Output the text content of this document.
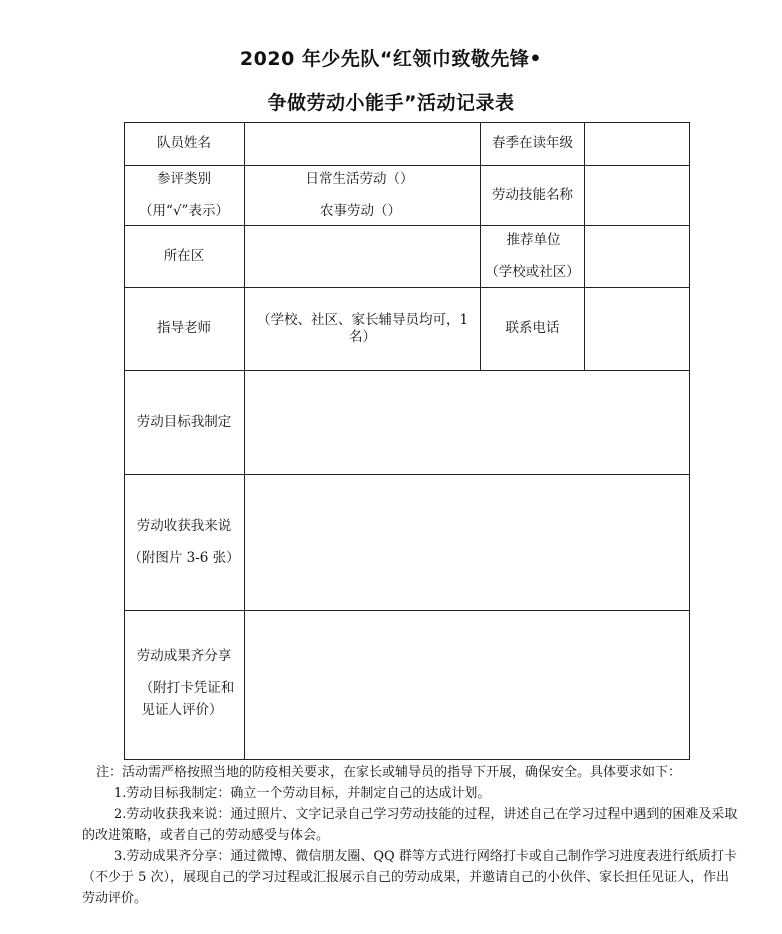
2020 年少先队“红领巾致敬先锋•
争做劳动小能手”活动记录表
队员姓名	春季在读年级
参评类别
（用“√”表示）
日常生活劳动（）
农事劳动（）
劳动技能名称
所在区
推荐单位
（学校或社区）
指导老师
（学校、社区、家长辅导员均可，1 名）
联系电话
劳动目标我制定
劳动收获我来说
（附图片 3-6 张）
劳动成果齐分享
（附打卡凭证和
见证人评价）

注：活动需严格按照当地的防疫相关要求，在家长或辅导员的指导下开展，确保安全。具体要求如下：

1.劳动目标我制定：确立一个劳动目标，并制定自己的达成计划。

2.劳动收获我来说：通过照片、文字记录自己学习劳动技能的过程，讲述自己在学习过程中遇到的困难及采取的改进策略，或者自己的劳动感受与体会。

3.劳动成果齐分享：通过微博、微信朋友圈、QQ 群等方式进行网络打卡或自己制作学习进度表进行纸质打卡（不少于 5 次），展现自己的学习过程或汇报展示自己的劳动成果，并邀请自己的小伙伴、家长担任见证人，作出劳动评价。
